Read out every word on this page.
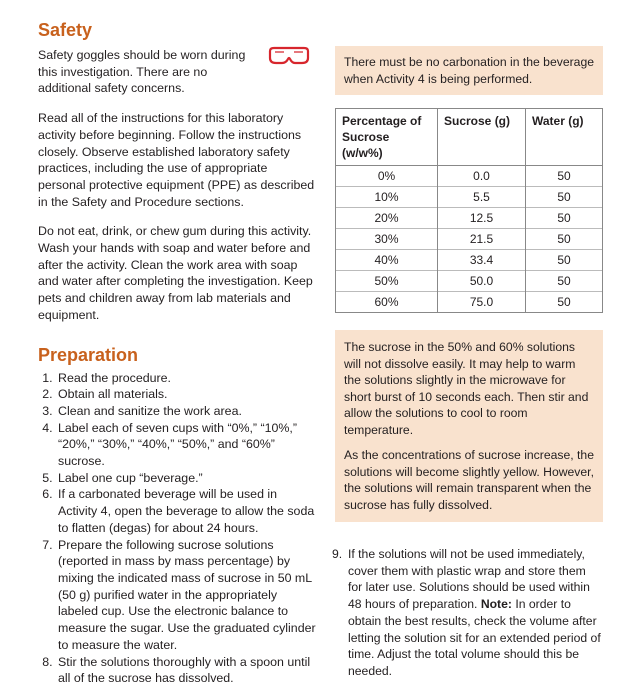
Safety

Safety goggles should be worn during this investigation. There are no additional safety concerns.

Read all of the instructions for this laboratory activity before beginning. Follow the instructions closely. Observe established laboratory safety practices, including the use of appropriate personal protective equipment (PPE) as described in the Safety and Procedure sections.

Do not eat, drink, or chew gum during this activity. Wash your hands with soap and water before and after the activity. Clean the work area with soap and water after completing the investigation. Keep pets and children away from lab materials and equipment.

Preparation
1. Read the procedure.
2. Obtain all materials.
3. Clean and sanitize the work area.
4. Label each of seven cups with “0%,” “10%,” “20%,” “30%,” “40%,” “50%,” and “60%” sucrose.
5. Label one cup “beverage.”
6. If a carbonated beverage will be used in Activity 4, open the beverage to allow the soda to flatten (degas) for about 24 hours.
7. Prepare the following sucrose solutions (reported in mass by mass percentage) by mixing the indicated mass of sucrose in 50 mL (50 g) purified water in the appropriately labeled cup. Use the electronic balance to measure the sugar. Use the graduated cylinder to measure the water.
8. Stir the solutions thoroughly with a spoon until all of the sucrose has dissolved.
There must be no carbonation in the beverage when Activity 4 is being performed.
Percentage of Sucrose (w/w%)	Sucrose (g)	Water (g)
0%	0.0	50
10%	5.5	50
20%	12.5	50
30%	21.5	50
40%	33.4	50
50%	50.0	50
60%	75.0	50
The sucrose in the 50% and 60% solutions will not dissolve easily. It may help to warm the solutions slightly in the microwave for short burst of 10 seconds each. Then stir and allow the solutions to cool to room temperature.
As the concentrations of sucrose increase, the solutions will become slightly yellow. However, the solutions will remain transparent when the sucrose has fully dissolved.
9. If the solutions will not be used immediately, cover them with plastic wrap and store them for later use. Solutions should be used within 48 hours of preparation. Note: In order to obtain the best results, check the volume after letting the solution sit for an extended period of time. Adjust the total volume should this be needed.
